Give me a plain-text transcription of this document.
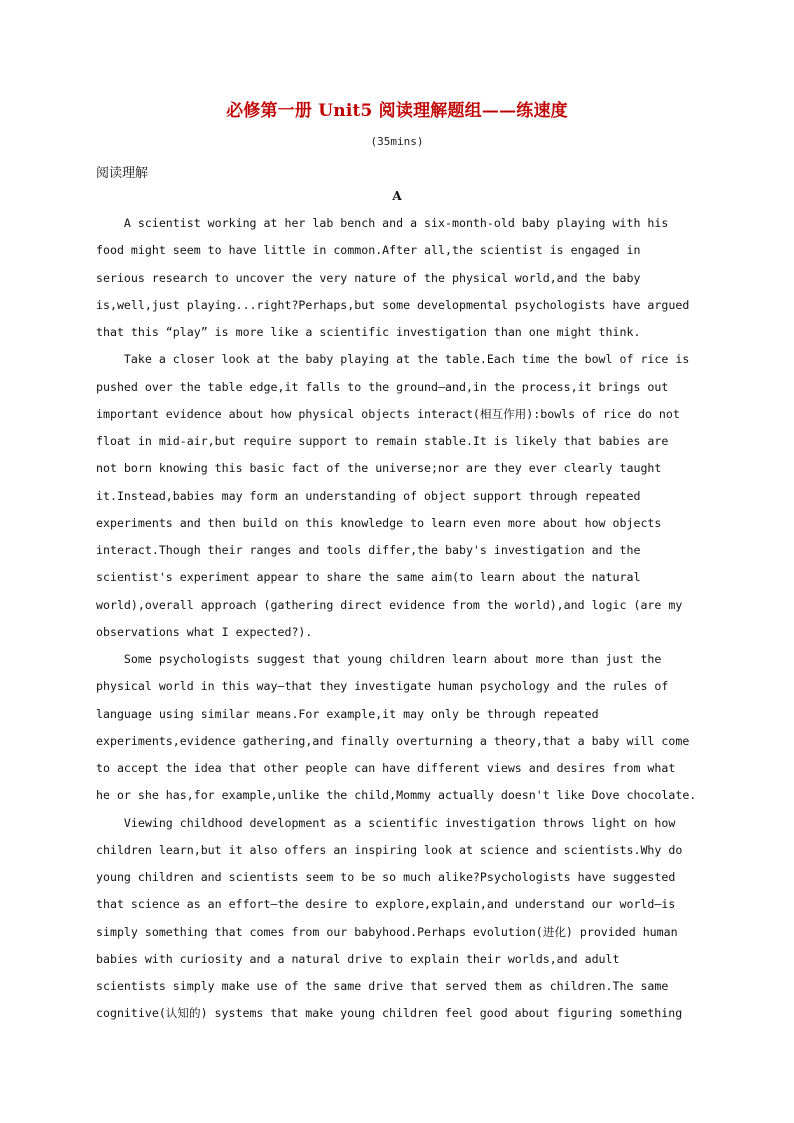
必修第一册 Unit5 阅读理解题组——练速度
(35mins)
阅读理解
A
A scientist working at her lab bench and a six-month-old baby playing with his
food might seem to have little in common.After all,the scientist is engaged in
serious research to uncover the very nature of the physical world,and the baby
is,well,just playing...right?Perhaps,but some developmental psychologists have argued
that this “play” is more like a scientific investigation than one might think.
Take a closer look at the baby playing at the table.Each time the bowl of rice is
pushed over the table edge,it falls to the ground—and,in the process,it brings out
important evidence about how physical objects interact(相互作用):bowls of rice do not
float in mid-air,but require support to remain stable.It is likely that babies are
not born knowing this basic fact of the universe;nor are they ever clearly taught
it.Instead,babies may form an understanding of object support through repeated
experiments and then build on this knowledge to learn even more about how objects
interact.Though their ranges and tools differ,the baby's investigation and the
scientist's experiment appear to share the same aim(to learn about the natural
world),overall approach (gathering direct evidence from the world),and logic (are my
observations what I expected?).
Some psychologists suggest that young children learn about more than just the
physical world in this way—that they investigate human psychology and the rules of
language using similar means.For example,it may only be through repeated
experiments,evidence gathering,and finally overturning a theory,that a baby will come
to accept the idea that other people can have different views and desires from what
he or she has,for example,unlike the child,Mommy actually doesn't like Dove chocolate.
Viewing childhood development as a scientific investigation throws light on how
children learn,but it also offers an inspiring look at science and scientists.Why do
young children and scientists seem to be so much alike?Psychologists have suggested
that science as an effort—the desire to explore,explain,and understand our world—is
simply something that comes from our babyhood.Perhaps evolution(进化) provided human
babies with curiosity and a natural drive to explain their worlds,and adult
scientists simply make use of the same drive that served them as children.The same
cognitive(认知的) systems that make young children feel good about figuring something
